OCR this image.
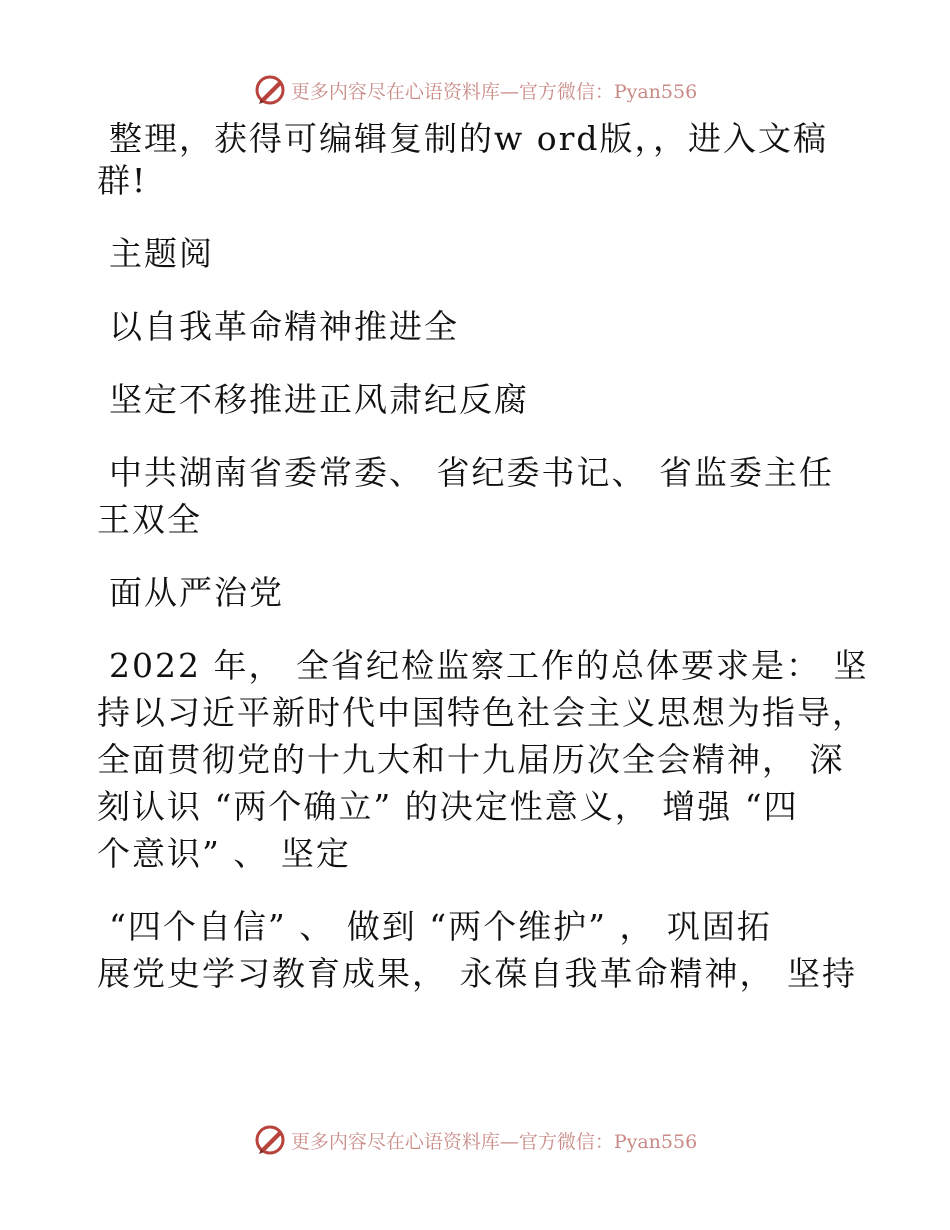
更多内容尽在心语资料库—官方微信：Pyan556

整理，获得可编辑复制的w ord版，，进入文稿

群!

主题阅

以自我革命精神推进全

坚定不移推进正风肃纪反腐

中共湖南省委常委、 省纪委书记、 省监委主任

王双全

面从严治党

2022 年， 全省纪检监察工作的总体要求是： 坚

持以习近平新时代中国特色社会主义思想为指导，

全面贯彻党的十九大和十九届历次全会精神， 深

刻认识 “两个确立” 的决定性意义， 增强 “四

个意识” 、 坚定

“四个自信” 、 做到 “两个维护” ， 巩固拓

展党史学习教育成果， 永葆自我革命精神， 坚持

更多内容尽在心语资料库—官方微信：Pyan556
